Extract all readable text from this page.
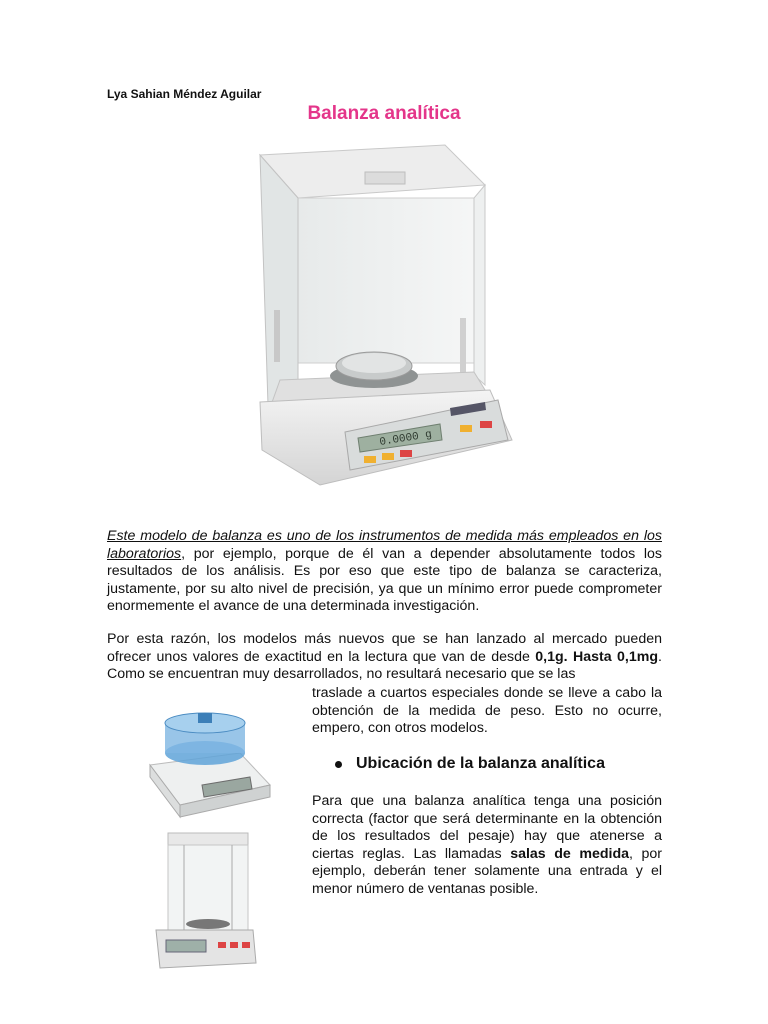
Lya Sahian Méndez Aguilar
Balanza analítica
0.0000 g

Este modelo de balanza es uno de los instrumentos de medida más empleados en los laboratorios, por ejemplo, porque de él van a depender absolutamente todos los resultados de los análisis. Es por eso que este tipo de balanza se caracteriza, justamente, por su alto nivel de precisión, ya que un mínimo error puede comprometer enormemente el avance de una determinada investigación.

Por esta razón, los modelos más nuevos que se han lanzado al mercado pueden ofrecer unos valores de exactitud en la lectura que van de desde 0,1g. Hasta 0,1mg. Como se encuentran muy desarrollados, no resultará necesario que se las

traslade a cuartos especiales donde se lleve a cabo la obtención de la medida de peso. Esto no ocurre, empero, con otros modelos.

Ubicación de la balanza analítica

Para que una balanza analítica tenga una posición correcta (factor que será determinante en la obtención de los resultados del pesaje) hay que atenerse a ciertas reglas. Las llamadas salas de medida, por ejemplo, deberán tener solamente una entrada y el menor número de ventanas posible.
